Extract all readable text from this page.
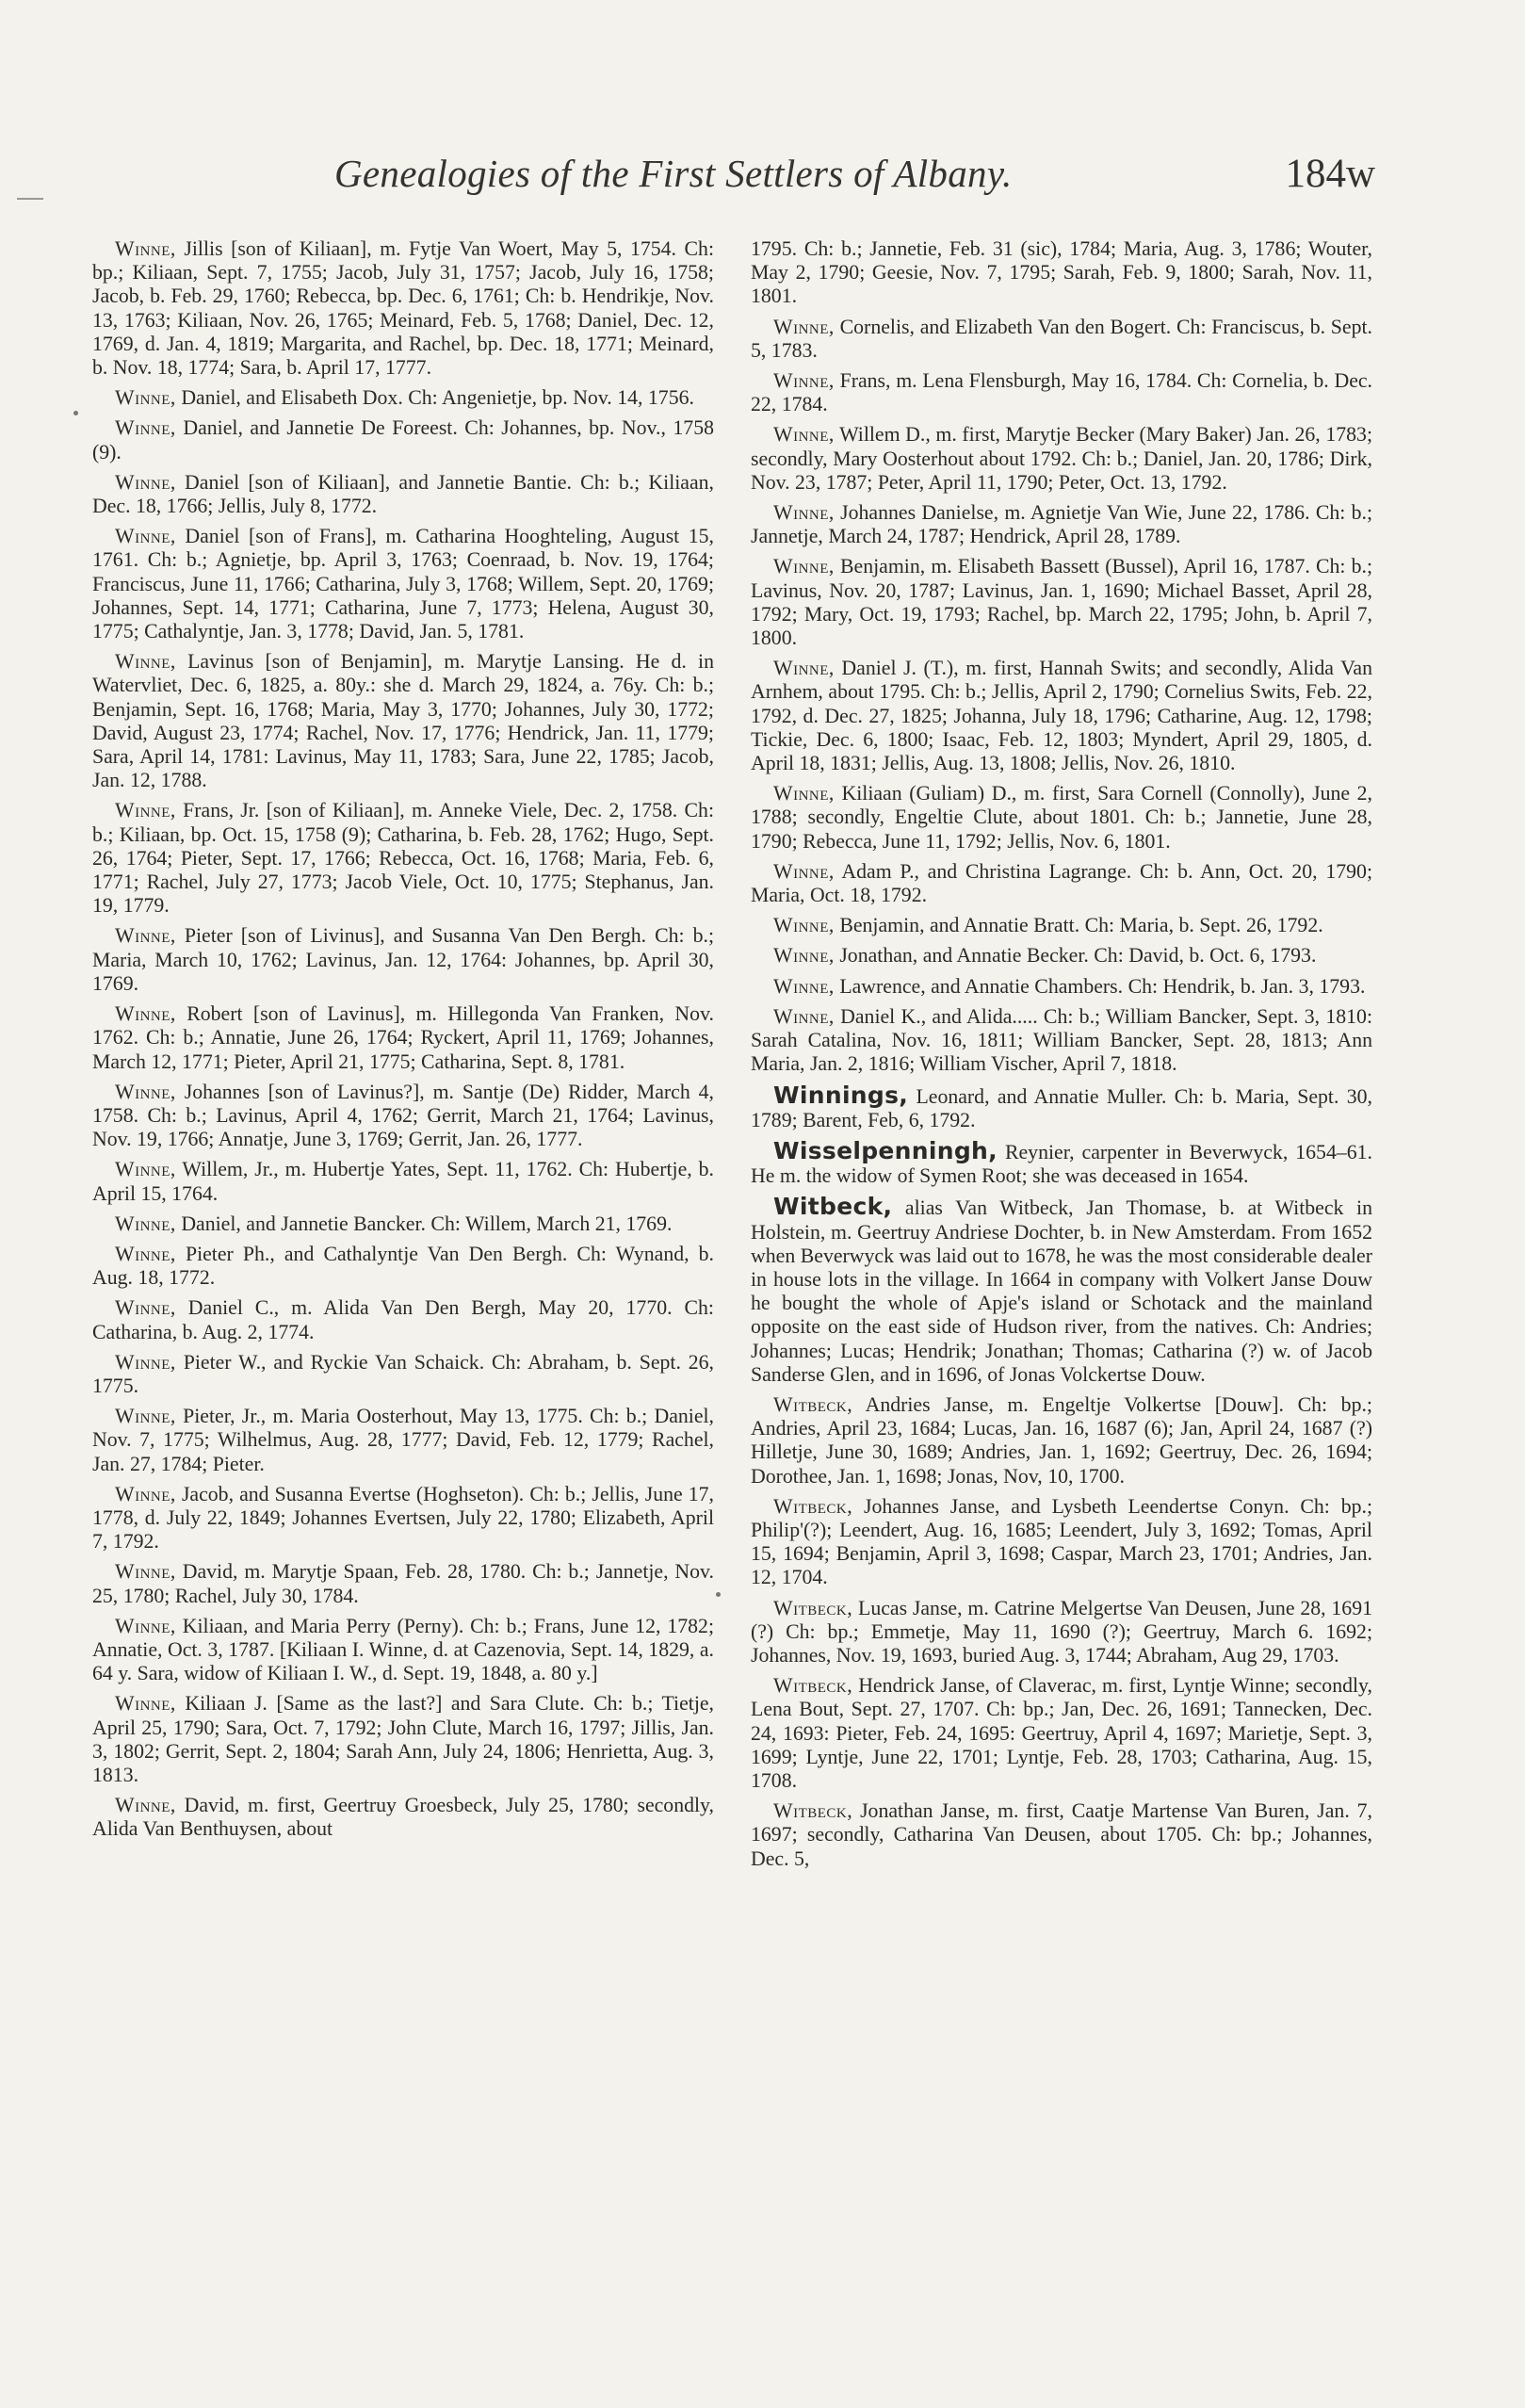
Genealogies of the First Settlers of Albany.	184w

Winne, Jillis [son of Kiliaan], m. Fytje Van Woert, May 5, 1754. Ch: bp.; Kiliaan, Sept. 7, 1755; Jacob, July 31, 1757; Jacob, July 16, 1758; Jacob, b. Feb. 29, 1760; Rebecca, bp. Dec. 6, 1761; Ch: b. Hendrikje, Nov. 13, 1763; Kiliaan, Nov. 26, 1765; Meinard, Feb. 5, 1768; Daniel, Dec. 12, 1769, d. Jan. 4, 1819; Margarita, and Rachel, bp. Dec. 18, 1771; Meinard, b. Nov. 18, 1774; Sara, b. April 17, 1777.

Winne, Daniel, and Elisabeth Dox. Ch: Angenietje, bp. Nov. 14, 1756.

Winne, Daniel, and Jannetie De Foreest. Ch: Johannes, bp. Nov., 1758 (9).

Winne, Daniel [son of Kiliaan], and Jannetie Bantie. Ch: b.; Kiliaan, Dec. 18, 1766; Jellis, July 8, 1772.

Winne, Daniel [son of Frans], m. Catharina Hooghteling, August 15, 1761. Ch: b.; Agnietje, bp. April 3, 1763; Coenraad, b. Nov. 19, 1764; Franciscus, June 11, 1766; Catharina, July 3, 1768; Willem, Sept. 20, 1769; Johannes, Sept. 14, 1771; Catharina, June 7, 1773; Helena, August 30, 1775; Cathalyntje, Jan. 3, 1778; David, Jan. 5, 1781.

Winne, Lavinus [son of Benjamin], m. Marytje Lansing. He d. in Watervliet, Dec. 6, 1825, a. 80y.: she d. March 29, 1824, a. 76y. Ch: b.; Benjamin, Sept. 16, 1768; Maria, May 3, 1770; Johannes, July 30, 1772; David, August 23, 1774; Rachel, Nov. 17, 1776; Hendrick, Jan. 11, 1779; Sara, April 14, 1781: Lavinus, May 11, 1783; Sara, June 22, 1785; Jacob, Jan. 12, 1788.

Winne, Frans, Jr. [son of Kiliaan], m. Anneke Viele, Dec. 2, 1758. Ch: b.; Kiliaan, bp. Oct. 15, 1758 (9); Catharina, b. Feb. 28, 1762; Hugo, Sept. 26, 1764; Pieter, Sept. 17, 1766; Rebecca, Oct. 16, 1768; Maria, Feb. 6, 1771; Rachel, July 27, 1773; Jacob Viele, Oct. 10, 1775; Stephanus, Jan. 19, 1779.

Winne, Pieter [son of Livinus], and Susanna Van Den Bergh. Ch: b.; Maria, March 10, 1762; Lavinus, Jan. 12, 1764: Johannes, bp. April 30, 1769.

Winne, Robert [son of Lavinus], m. Hillegonda Van Franken, Nov. 1762. Ch: b.; Annatie, June 26, 1764; Ryckert, April 11, 1769; Johannes, March 12, 1771; Pieter, April 21, 1775; Catharina, Sept. 8, 1781.

Winne, Johannes [son of Lavinus?], m. Santje (De) Ridder, March 4, 1758. Ch: b.; Lavinus, April 4, 1762; Gerrit, March 21, 1764; Lavinus, Nov. 19, 1766; Annatje, June 3, 1769; Gerrit, Jan. 26, 1777.

Winne, Willem, Jr., m. Hubertje Yates, Sept. 11, 1762. Ch: Hubertje, b. April 15, 1764.

Winne, Daniel, and Jannetie Bancker. Ch: Willem, March 21, 1769.

Winne, Pieter Ph., and Cathalyntje Van Den Bergh. Ch: Wynand, b. Aug. 18, 1772.

Winne, Daniel C., m. Alida Van Den Bergh, May 20, 1770. Ch: Catharina, b. Aug. 2, 1774.

Winne, Pieter W., and Ryckie Van Schaick. Ch: Abraham, b. Sept. 26, 1775.

Winne, Pieter, Jr., m. Maria Oosterhout, May 13, 1775. Ch: b.; Daniel, Nov. 7, 1775; Wilhelmus, Aug. 28, 1777; David, Feb. 12, 1779; Rachel, Jan. 27, 1784; Pieter.

Winne, Jacob, and Susanna Evertse (Hoghseton). Ch: b.; Jellis, June 17, 1778, d. July 22, 1849; Johannes Evertsen, July 22, 1780; Elizabeth, April 7, 1792.

Winne, David, m. Marytje Spaan, Feb. 28, 1780. Ch: b.; Jannetje, Nov. 25, 1780; Rachel, July 30, 1784.

Winne, Kiliaan, and Maria Perry (Perny). Ch: b.; Frans, June 12, 1782; Annatie, Oct. 3, 1787. [Kiliaan I. Winne, d. at Cazenovia, Sept. 14, 1829, a. 64 y. Sara, widow of Kiliaan I. W., d. Sept. 19, 1848, a. 80 y.]

Winne, Kiliaan J. [Same as the last?] and Sara Clute. Ch: b.; Tietje, April 25, 1790; Sara, Oct. 7, 1792; John Clute, March 16, 1797; Jillis, Jan. 3, 1802; Gerrit, Sept. 2, 1804; Sarah Ann, July 24, 1806; Henrietta, Aug. 3, 1813.

Winne, David, m. first, Geertruy Groesbeck, July 25, 1780; secondly, Alida Van Benthuysen, about

1795. Ch: b.; Jannetie, Feb. 31 (sic), 1784; Maria, Aug. 3, 1786; Wouter, May 2, 1790; Geesie, Nov. 7, 1795; Sarah, Feb. 9, 1800; Sarah, Nov. 11, 1801.

Winne, Cornelis, and Elizabeth Van den Bogert. Ch: Franciscus, b. Sept. 5, 1783.

Winne, Frans, m. Lena Flensburgh, May 16, 1784. Ch: Cornelia, b. Dec. 22, 1784.

Winne, Willem D., m. first, Marytje Becker (Mary Baker) Jan. 26, 1783; secondly, Mary Oosterhout about 1792. Ch: b.; Daniel, Jan. 20, 1786; Dirk, Nov. 23, 1787; Peter, April 11, 1790; Peter, Oct. 13, 1792.

Winne, Johannes Danielse, m. Agnietje Van Wie, June 22, 1786. Ch: b.; Jannetje, March 24, 1787; Hendrick, April 28, 1789.

Winne, Benjamin, m. Elisabeth Bassett (Bussel), April 16, 1787. Ch: b.; Lavinus, Nov. 20, 1787; Lavinus, Jan. 1, 1690; Michael Basset, April 28, 1792; Mary, Oct. 19, 1793; Rachel, bp. March 22, 1795; John, b. April 7, 1800.

Winne, Daniel J. (T.), m. first, Hannah Swits; and secondly, Alida Van Arnhem, about 1795. Ch: b.; Jellis, April 2, 1790; Cornelius Swits, Feb. 22, 1792, d. Dec. 27, 1825; Johanna, July 18, 1796; Catharine, Aug. 12, 1798; Tickie, Dec. 6, 1800; Isaac, Feb. 12, 1803; Myndert, April 29, 1805, d. April 18, 1831; Jellis, Aug. 13, 1808; Jellis, Nov. 26, 1810.

Winne, Kiliaan (Guliam) D., m. first, Sara Cornell (Connolly), June 2, 1788; secondly, Engeltie Clute, about 1801. Ch: b.; Jannetie, June 28, 1790; Rebecca, June 11, 1792; Jellis, Nov. 6, 1801.

Winne, Adam P., and Christina Lagrange. Ch: b. Ann, Oct. 20, 1790; Maria, Oct. 18, 1792.

Winne, Benjamin, and Annatie Bratt. Ch: Maria, b. Sept. 26, 1792.

Winne, Jonathan, and Annatie Becker. Ch: David, b. Oct. 6, 1793.

Winne, Lawrence, and Annatie Chambers. Ch: Hendrik, b. Jan. 3, 1793.

Winne, Daniel K., and Alida..... Ch: b.; William Bancker, Sept. 3, 1810: Sarah Catalina, Nov. 16, 1811; William Bancker, Sept. 28, 1813; Ann Maria, Jan. 2, 1816; William Vischer, April 7, 1818.

Winnings, Leonard, and Annatie Muller. Ch: b. Maria, Sept. 30, 1789; Barent, Feb, 6, 1792.

Wisselpenningh, Reynier, carpenter in Beverwyck, 1654–61. He m. the widow of Symen Root; she was deceased in 1654.

Witbeck, alias Van Witbeck, Jan Thomase, b. at Witbeck in Holstein, m. Geertruy Andriese Dochter, b. in New Amsterdam. From 1652 when Beverwyck was laid out to 1678, he was the most considerable dealer in house lots in the village. In 1664 in company with Volkert Janse Douw he bought the whole of Apje's island or Schotack and the mainland opposite on the east side of Hudson river, from the natives. Ch: Andries; Johannes; Lucas; Hendrik; Jonathan; Thomas; Catharina (?) w. of Jacob Sanderse Glen, and in 1696, of Jonas Volckertse Douw.

Witbeck, Andries Janse, m. Engeltje Volkertse [Douw]. Ch: bp.; Andries, April 23, 1684; Lucas, Jan. 16, 1687 (6); Jan, April 24, 1687 (?) Hilletje, June 30, 1689; Andries, Jan. 1, 1692; Geertruy, Dec. 26, 1694; Dorothee, Jan. 1, 1698; Jonas, Nov, 10, 1700.

Witbeck, Johannes Janse, and Lysbeth Leendertse Conyn. Ch: bp.; Philip'(?); Leendert, Aug. 16, 1685; Leendert, July 3, 1692; Tomas, April 15, 1694; Benjamin, April 3, 1698; Caspar, March 23, 1701; Andries, Jan. 12, 1704.

Witbeck, Lucas Janse, m. Catrine Melgertse Van Deusen, June 28, 1691 (?) Ch: bp.; Emmetje, May 11, 1690 (?); Geertruy, March 6. 1692; Johannes, Nov. 19, 1693, buried Aug. 3, 1744; Abraham, Aug 29, 1703.

Witbeck, Hendrick Janse, of Claverac, m. first, Lyntje Winne; secondly, Lena Bout, Sept. 27, 1707. Ch: bp.; Jan, Dec. 26, 1691; Tannecken, Dec. 24, 1693: Pieter, Feb. 24, 1695: Geertruy, April 4, 1697; Marietje, Sept. 3, 1699; Lyntje, June 22, 1701; Lyntje, Feb. 28, 1703; Catharina, Aug. 15, 1708.

Witbeck, Jonathan Janse, m. first, Caatje Martense Van Buren, Jan. 7, 1697; secondly, Catharina Van Deusen, about 1705. Ch: bp.; Johannes, Dec. 5,
